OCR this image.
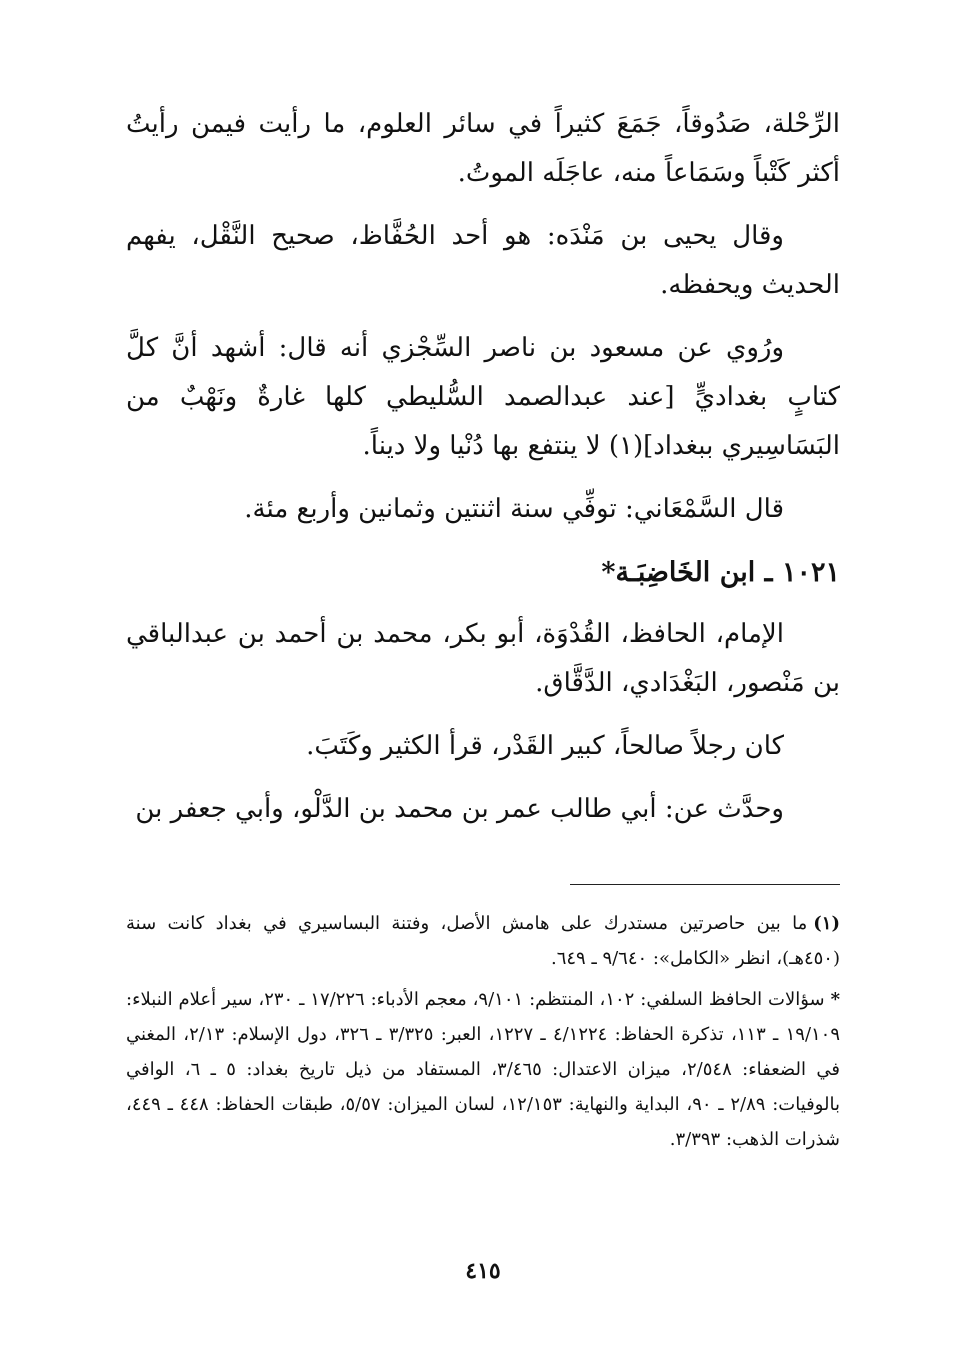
الرِّحْلة، صَدُوقاً، جَمَعَ كثيراً في سائر العلوم، ما رأيت فيمن رأيتُ أكثر كَتْباً وسَمَاعاً منه، عاجَلَه الموتُ.

وقال يحيى بن مَنْدَه: هو أحد الحُفَّاظ، صحيح النَّقْل، يفهم الحديث ويحفظه.

ورُوي عن مسعود بن ناصر السِّجْزي أنه قال: أشهد أنَّ كلَّ كتابٍ بغداديٍّ [عند عبدالصمد السُّليطي كلها غارةٌ ونَهْبٌ من البَسَاسِيري ببغداد](١) لا ينتفع بها دُنْيا ولا ديناً.

قال السَّمْعَاني: توفِّي سنة اثنتين وثمانين وأربع مئة.

١٠٢١ ـ ابن الخَاضِبَـة*

الإمام، الحافظ، القُدْوَة، أبو بكر، محمد بن أحمد بن عبدالباقي بن مَنْصور، البَغْدَادي، الدَّقَّاق.

كان رجلاً صالحاً، كبير القَدْر، قرأ الكثير وكَتَبَ.

وحدَّث عن: أبي طالب عمر بن محمد بن الدَّلْو، وأبي جعفر بن

(١)ما بين حاصرتين مستدرك على هامش الأصل، وفتنة البساسيري في بغداد كانت سنة (٤٥٠هـ)، انظر «الكامل»: ٩/٦٤٠ ـ ٦٤٩.

*سؤالات الحافظ السلفي: ١٠٢، المنتظم: ٩/١٠١، معجم الأدباء: ١٧/٢٢٦ ـ ٢٣٠، سير أعلام النبلاء: ١٩/١٠٩ ـ ١١٣، تذكرة الحفاظ: ٤/١٢٢٤ ـ ١٢٢٧، العبر: ٣/٣٢٥ ـ ٣٢٦، دول الإسلام: ٢/١٣، المغني في الضعفاء: ٢/٥٤٨، ميزان الاعتدال: ٣/٤٦٥، المستفاد من ذيل تاريخ بغداد: ٥ ـ ٦، الوافي بالوفيات: ٢/٨٩ ـ ٩٠، البداية والنهاية: ١٢/١٥٣، لسان الميزان: ٥/٥٧، طبقات الحفاظ: ٤٤٨ ـ ٤٤٩، شذرات الذهب: ٣/٣٩٣.

٤١٥
